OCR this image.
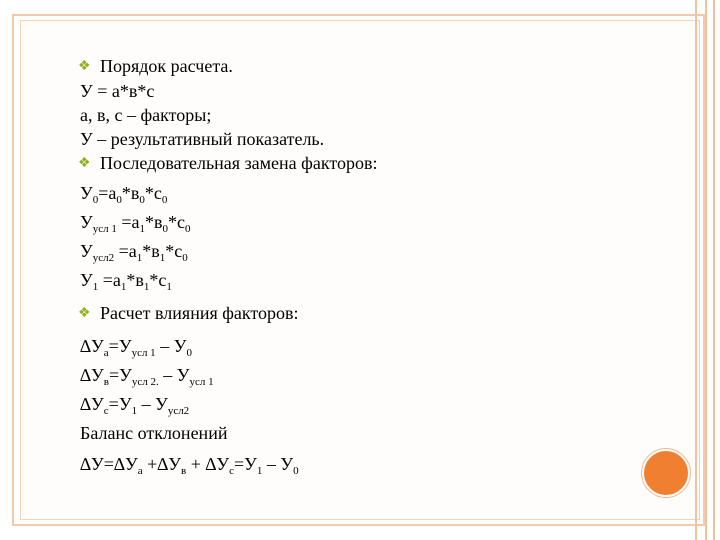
❖ Порядок расчета.
У = а*в*с
а, в, с – факторы;
У – результативный показатель.
❖ Последовательная замена факторов:
$У_0=а_0*в_0*с_0$
$У_{усл 1} =а_1*в_0*с_0$
$У_{усл2} =а_1*в_1*с_0$
$У_1 =а_1*в_1*с_1$
❖ Расчет влияния факторов:
$\Delta У_а=У_{усл 1} - У_0$
$\Delta У_в=У_{усл 2.} - У_{усл 1}$
$\Delta У_с=У_1 - У_{усл2}$
Баланс отклонений
$\Delta У=\Delta У_а +\Delta У_в + \Delta У_с=У_1 - У_0$
